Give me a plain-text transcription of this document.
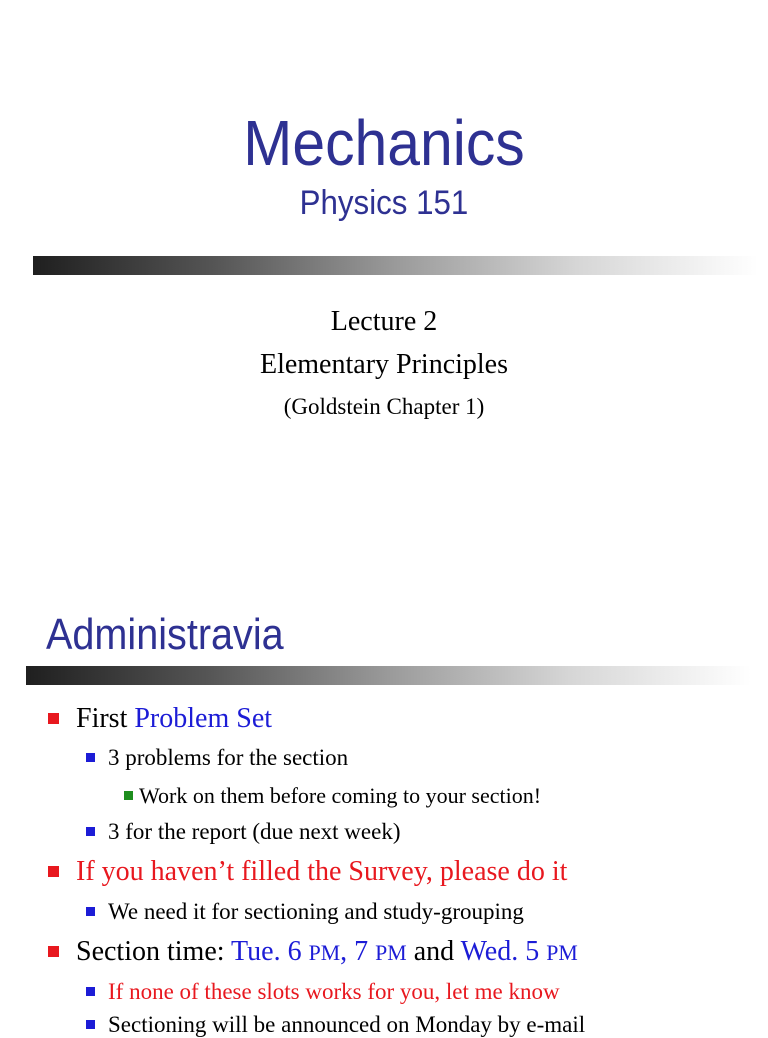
Mechanics
Physics 151
Lecture 2
Elementary Principles
(Goldstein Chapter 1)
Administravia
First Problem Set
3 problems for the section
Work on them before coming to your section!
3 for the report (due next week)
If you haven’t filled the Survey, please do it
We need it for sectioning and study-grouping
Section time: Tue. 6 PM, 7 PM and Wed. 5 PM
If none of these slots works for you, let me know
Sectioning will be announced on Monday by e-mail
